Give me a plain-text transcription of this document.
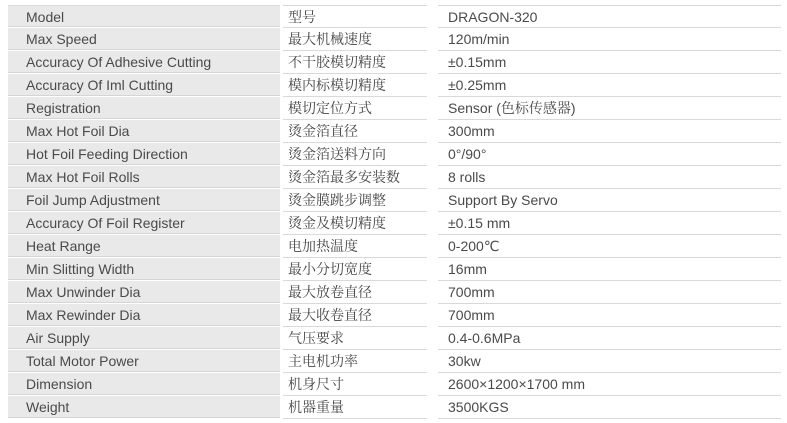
Model	型号	DRAGON-320
Max Speed	最大机械速度	120m/min
Accuracy Of Adhesive Cutting	不干胶模切精度	±0.15mm
Accuracy Of Iml Cutting	模内标模切精度	±0.25mm
Registration	模切定位方式	Sensor (色标传感器)
Max Hot Foil Dia	烫金箔直径	300mm
Hot Foil Feeding Direction	烫金箔送料方向	0°/90°
Max Hot Foil Rolls	烫金箔最多安装数	8 rolls
Foil Jump Adjustment	烫金膜跳步调整	Support By Servo
Accuracy Of Foil Register	烫金及模切精度	±0.15 mm
Heat Range	电加热温度	0-200℃
Min Slitting Width	最小分切宽度	16mm
Max Unwinder Dia	最大放卷直径	700mm
Max Rewinder Dia	最大收卷直径	700mm
Air Supply	气压要求	0.4-0.6MPa
Total Motor Power	主电机功率	30kw
Dimension	机身尺寸	2600×1200×1700 mm
Weight	机器重量	3500KGS
